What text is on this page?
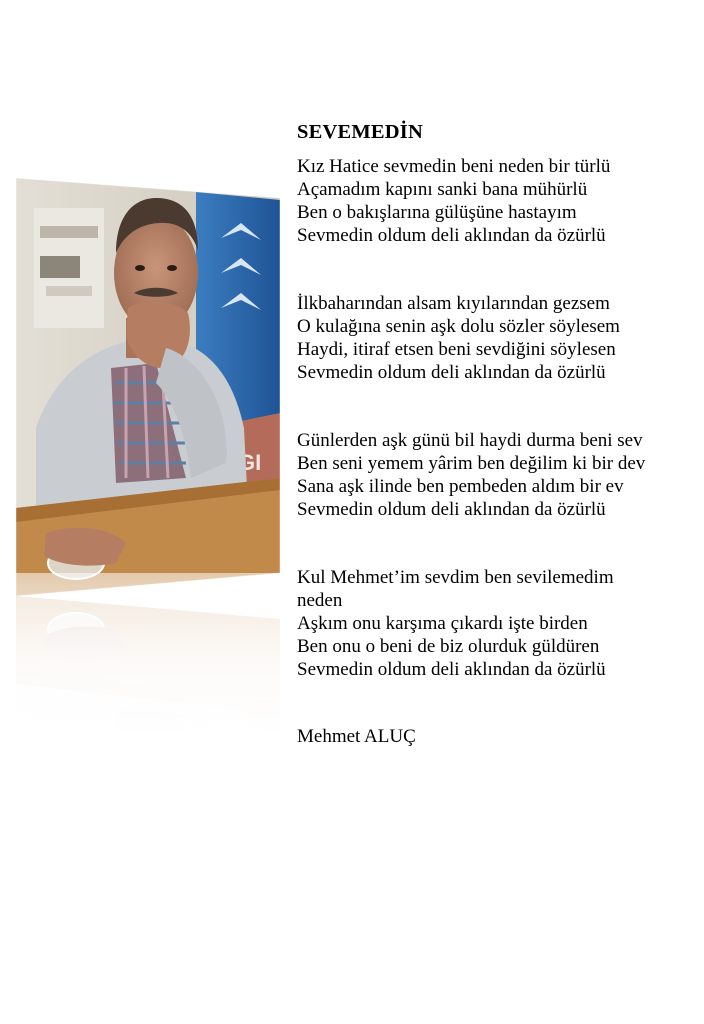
SEVEMEDİN
Kız Hatice sevmedin beni neden bir türlü
Açamadım kapını sanki bana mühürlü
Ben o bakışlarına gülüşüne hastayım
Sevmedin oldum deli aklından da özürlü
İlkbaharından alsam kıyılarından gezsem
O kulağına senin aşk dolu sözler söylesem
Haydi, itiraf etsen beni sevdiğini söylesen
Sevmedin oldum deli aklından da özürlü
Günlerden aşk günü bil haydi durma beni sev
Ben seni yemem yârim ben değilim ki bir dev
Sana aşk ilinde ben pembeden aldım bir ev
Sevmedin oldum deli aklından da özürlü
Kul Mehmet’im sevdim ben sevilemedim
neden
Aşkım onu karşıma çıkardı işte birden
Ben onu o beni de biz olurduk güldüren
Sevmedin oldum deli aklından da özürlü
Mehmet ALUÇ
